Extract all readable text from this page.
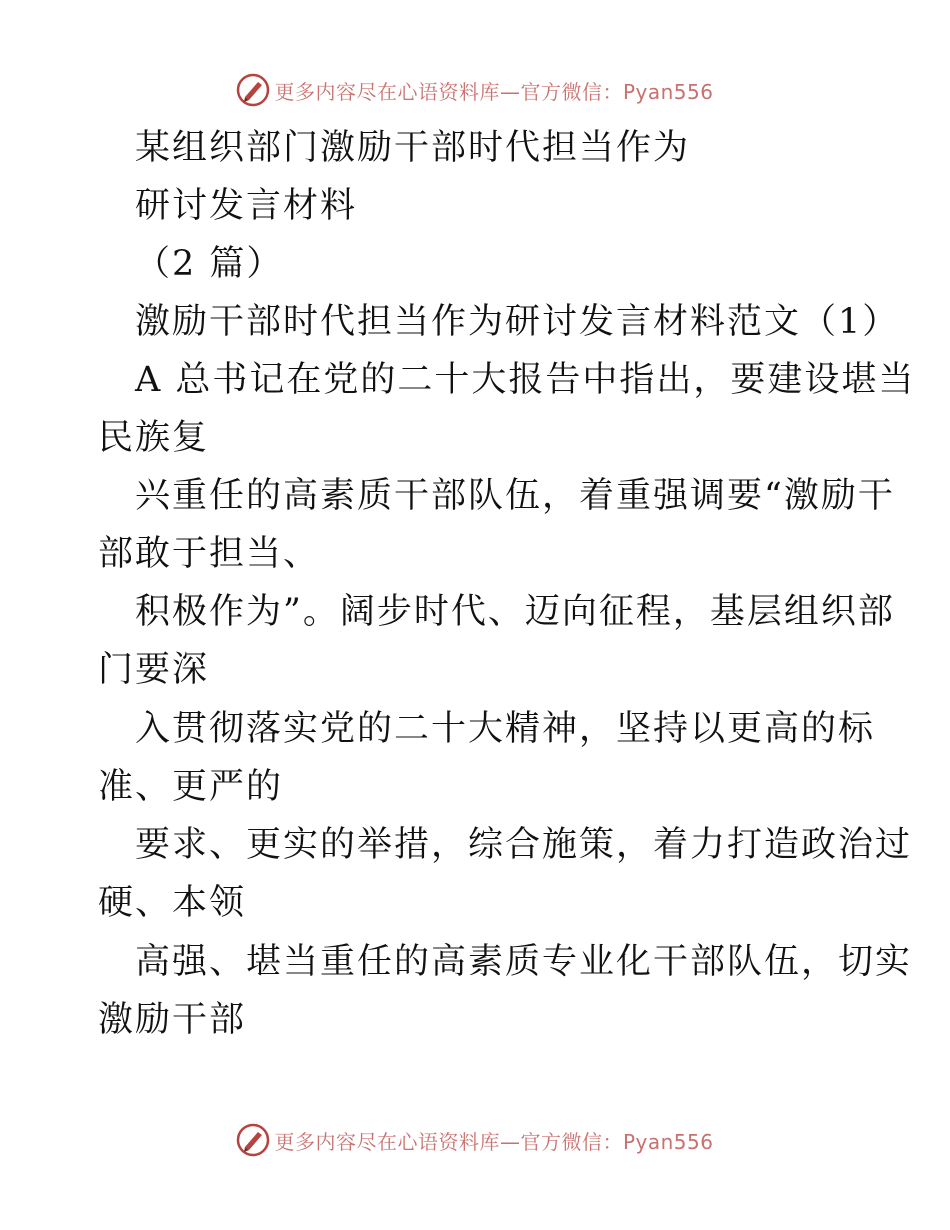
更多内容尽在心语资料库—官方微信：Pyan556
某组织部门激励干部时代担当作为
研讨发言材料
（2 篇）
激励干部时代担当作为研讨发言材料范文（1）
A 总书记在党的二十大报告中指出，要建设堪当
民族复
兴重任的高素质干部队伍，着重强调要“激励干
部敢于担当、
积极作为”。阔步时代、迈向征程，基层组织部
门要深
入贯彻落实党的二十大精神，坚持以更高的标
准、更严的
要求、更实的举措，综合施策，着力打造政治过
硬、本领
高强、堪当重任的高素质专业化干部队伍，切实
激励干部
更多内容尽在心语资料库—官方微信：Pyan556
